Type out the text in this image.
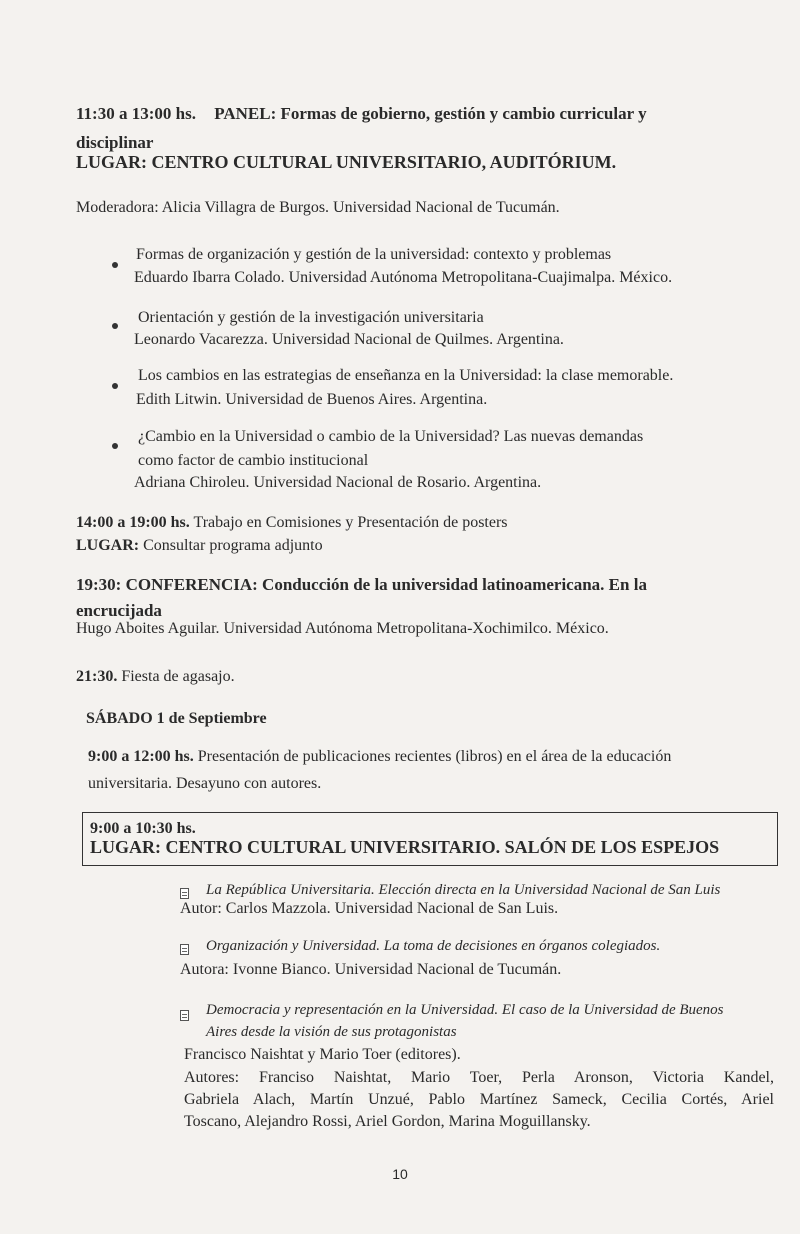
11:30 a 13:00 hs. PANEL: Formas de gobierno, gestión y cambio curricular y
disciplinar
LUGAR: CENTRO CULTURAL UNIVERSITARIO, AUDITÓRIUM.
Moderadora: Alicia Villagra de Burgos. Universidad Nacional de Tucumán.
Formas de organización y gestión de la universidad: contexto y problemas
Eduardo Ibarra Colado. Universidad Autónoma Metropolitana-Cuajimalpa. México.
Orientación y gestión de la investigación universitaria
Leonardo Vacarezza. Universidad Nacional de Quilmes. Argentina.
Los cambios en las estrategias de enseñanza en la Universidad: la clase memorable.
Edith Litwin. Universidad de Buenos Aires. Argentina.
¿Cambio en la Universidad o cambio de la Universidad? Las nuevas demandas
como factor de cambio institucional
Adriana Chiroleu. Universidad Nacional de Rosario. Argentina.
14:00 a 19:00 hs. Trabajo en Comisiones y Presentación de posters
LUGAR: Consultar programa adjunto
19:30: CONFERENCIA: Conducción de la universidad latinoamericana. En la
encrucijada
Hugo Aboites Aguilar. Universidad Autónoma Metropolitana-Xochimilco. México.
21:30. Fiesta de agasajo.
SÁBADO 1 de Septiembre
9:00 a 12:00 hs. Presentación de publicaciones recientes (libros) en el área de la educación
universitaria. Desayuno con autores.
9:00 a 10:30 hs.
LUGAR: CENTRO CULTURAL UNIVERSITARIO. SALÓN DE LOS ESPEJOS
La República Universitaria. Elección directa en la Universidad Nacional de San Luis
Autor: Carlos Mazzola. Universidad Nacional de San Luis.
Organización y Universidad. La toma de decisiones en órganos colegiados.
Autora: Ivonne Bianco. Universidad Nacional de Tucumán.
Democracia y representación en la Universidad. El caso de la Universidad de Buenos
Aires desde la visión de sus protagonistas
Francisco Naishtat y Mario Toer (editores).
Autores: Franciso Naishtat, Mario Toer, Perla Aronson, Victoria Kandel,
Gabriela Alach, Martín Unzué, Pablo Martínez Sameck, Cecilia Cortés, Ariel
Toscano, Alejandro Rossi, Ariel Gordon, Marina Moguillansky.
10
